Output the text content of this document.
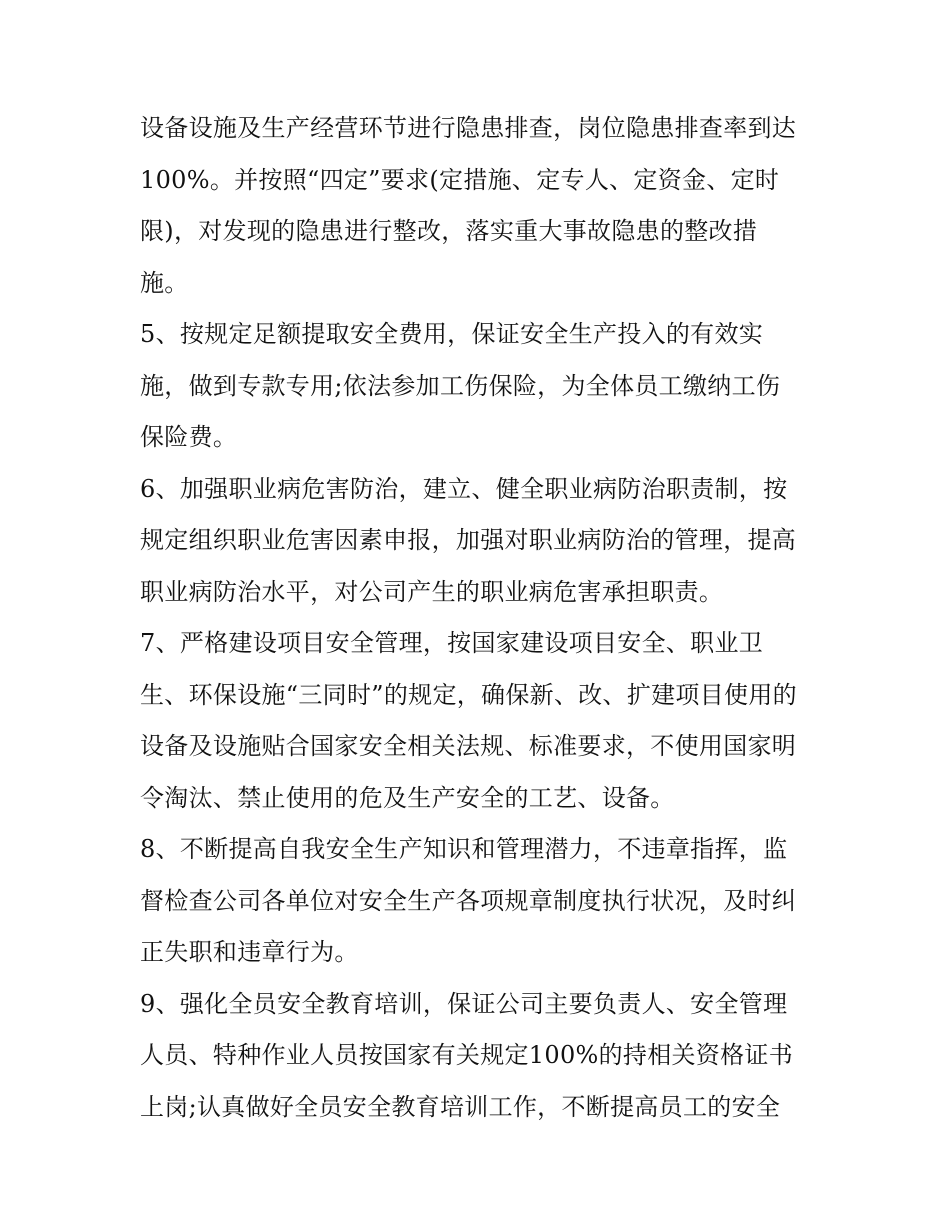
设备设施及生产经营环节进行隐患排查，岗位隐患排查率到达
100%。并按照“四定”要求(定措施、定专人、定资金、定时
限)，对发现的隐患进行整改，落实重大事故隐患的整改措
施。
5、按规定足额提取安全费用，保证安全生产投入的有效实
施，做到专款专用;依法参加工伤保险，为全体员工缴纳工伤
保险费。
6、加强职业病危害防治，建立、健全职业病防治职责制，按
规定组织职业危害因素申报，加强对职业病防治的管理，提高
职业病防治水平，对公司产生的职业病危害承担职责。
7、严格建设项目安全管理，按国家建设项目安全、职业卫
生、环保设施“三同时”的规定，确保新、改、扩建项目使用的
设备及设施贴合国家安全相关法规、标准要求，不使用国家明
令淘汰、禁止使用的危及生产安全的工艺、设备。
8、不断提高自我安全生产知识和管理潜力，不违章指挥，监
督检查公司各单位对安全生产各项规章制度执行状况，及时纠
正失职和违章行为。
9、强化全员安全教育培训，保证公司主要负责人、安全管理
人员、特种作业人员按国家有关规定100%的持相关资格证书
上岗;认真做好全员安全教育培训工作，不断提高员工的安全
